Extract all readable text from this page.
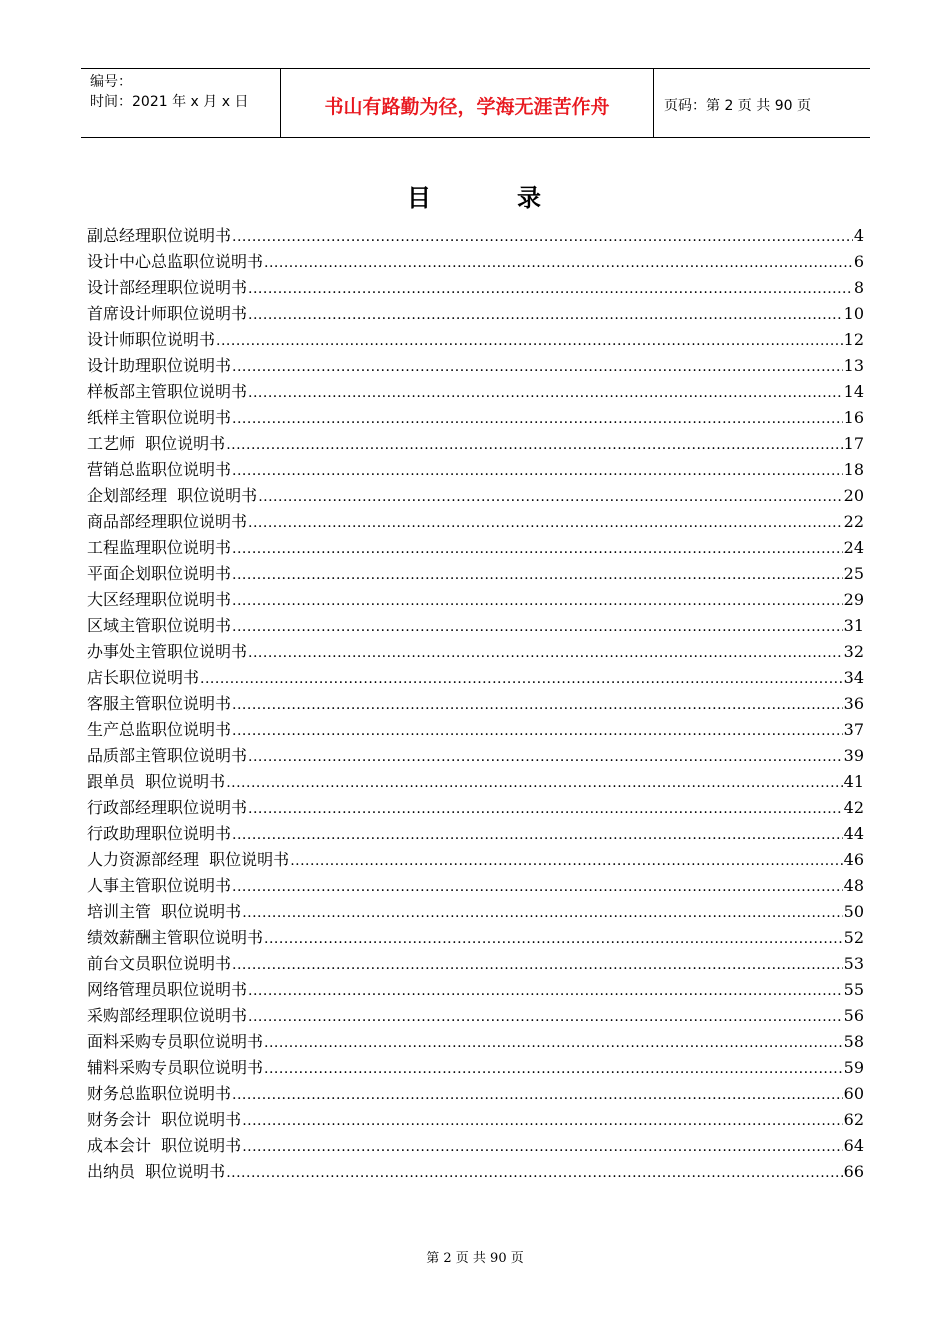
编号：
时间：2021 年 x 月 x 日	书山有路勤为径，学海无涯苦作舟	页码：第 2 页 共 90 页
目	录
副总经理职位说明书 .....	4
设计中心总监职位说明书 .....	6
设计部经理职位说明书 .....	8
首席设计师职位说明书 .....	10
设计师职位说明书 .....	12
设计助理职位说明书 .....	13
样板部主管职位说明书 .....	14
纸样主管职位说明书 .....	16
工艺师  职位说明书 .....	17
营销总监职位说明书 .....	18
企划部经理  职位说明书 .....	20
商品部经理职位说明书 .....	22
工程监理职位说明书 .....	24
平面企划职位说明书 .....	25
大区经理职位说明书 .....	29
区域主管职位说明书 .....	31
办事处主管职位说明书 .....	32
店长职位说明书 .....	34
客服主管职位说明书 .....	36
生产总监职位说明书 .....	37
品质部主管职位说明书 .....	39
跟单员  职位说明书 .....	41
行政部经理职位说明书 .....	42
行政助理职位说明书 .....	44
人力资源部经理  职位说明书 .....	46
人事主管职位说明书 .....	48
培训主管  职位说明书 .....	50
绩效薪酬主管职位说明书 .....	52
前台文员职位说明书 .....	53
网络管理员职位说明书 .....	55
采购部经理职位说明书 .....	56
面料采购专员职位说明书 .....	58
辅料采购专员职位说明书 .....	59
财务总监职位说明书 .....	60
财务会计  职位说明书 .....	62
成本会计  职位说明书 .....	64
出纳员  职位说明书 .....	66
第 2 页 共 90 页
